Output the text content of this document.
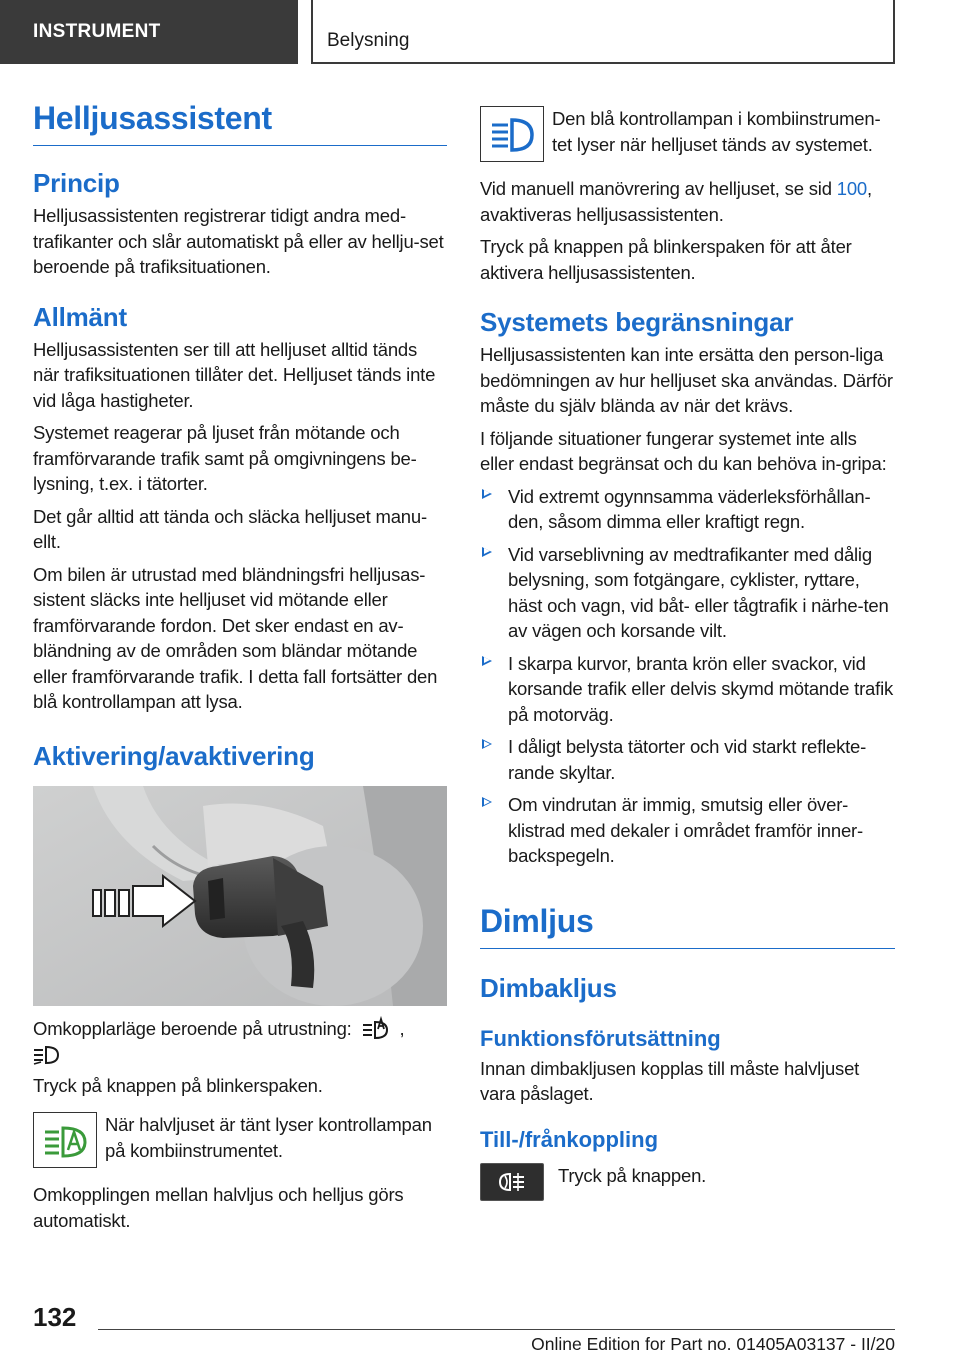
INSTRUMENT	Belysning
Helljusassistent
Princip

Helljusassistenten registrerar tidigt andra med-trafikanter och slår automatiskt på eller av hellju-set beroende på trafiksituationen.

Allmänt

Helljusassistenten ser till att helljuset alltid tänds när trafiksituationen tillåter det. Helljuset tänds inte vid låga hastigheter.

Systemet reagerar på ljuset från mötande och framförvarande trafik samt på omgivningens be-lysning, t.ex. i tätorter.

Det går alltid att tända och släcka helljuset manu-ellt.

Om bilen är utrustad med bländningsfri helljusas-sistent släcks inte helljuset vid mötande eller framförvarande fordon. Det sker endast en av-bländning av de områden som bländar mötande eller framförvarande trafik. I detta fall fortsätter den blå kontrollampan att lysa.

Aktivering/avaktivering

Omkopplarläge beroende på utrustning:	,

Tryck på knappen på blinkerspaken.

När halvljuset är tänt lyser kontrollampan på kombiinstrumentet.

Omkopplingen mellan halvljus och helljus görs automatiskt.

Den blå kontrollampan i kombiinstrumen-tet lyser när helljuset tänds av systemet.

Vid manuell manövrering av helljuset, se sid 100,
avaktiveras helljusassistenten.

Tryck på knappen på blinkerspaken för att åter aktivera helljusassistenten.

Systemets begränsningar

Helljusassistenten kan inte ersätta den person-liga bedömningen av hur helljuset ska användas. Därför måste du själv blända av när det krävs.

I följande situationer fungerar systemet inte alls eller endast begränsat och du kan behöva in-gripa:

Vid extremt ogynnsamma väderleksförhållan-den, såsom dimma eller kraftigt regn.

Vid varseblivning av medtrafikanter med dålig belysning, som fotgängare, cyklister, ryttare, häst och vagn, vid båt- eller tågtrafik i närhe-ten av vägen och korsande vilt.

I skarpa kurvor, branta krön eller svackor, vid korsande trafik eller delvis skymd mötande trafik på motorväg.

I dåligt belysta tätorter och vid starkt reflekte-rande skyltar.

Om vindrutan är immig, smutsig eller över-klistrad med dekaler i området framför inner-backspegeln.

Dimljus
Dimbakljus
Funktionsförutsättning

Innan dimbakljusen kopplas till måste halvljuset vara påslaget.

Till-/frånkoppling

Tryck på knappen.

132
Online Edition for Part no. 01405A03137 - II/20
